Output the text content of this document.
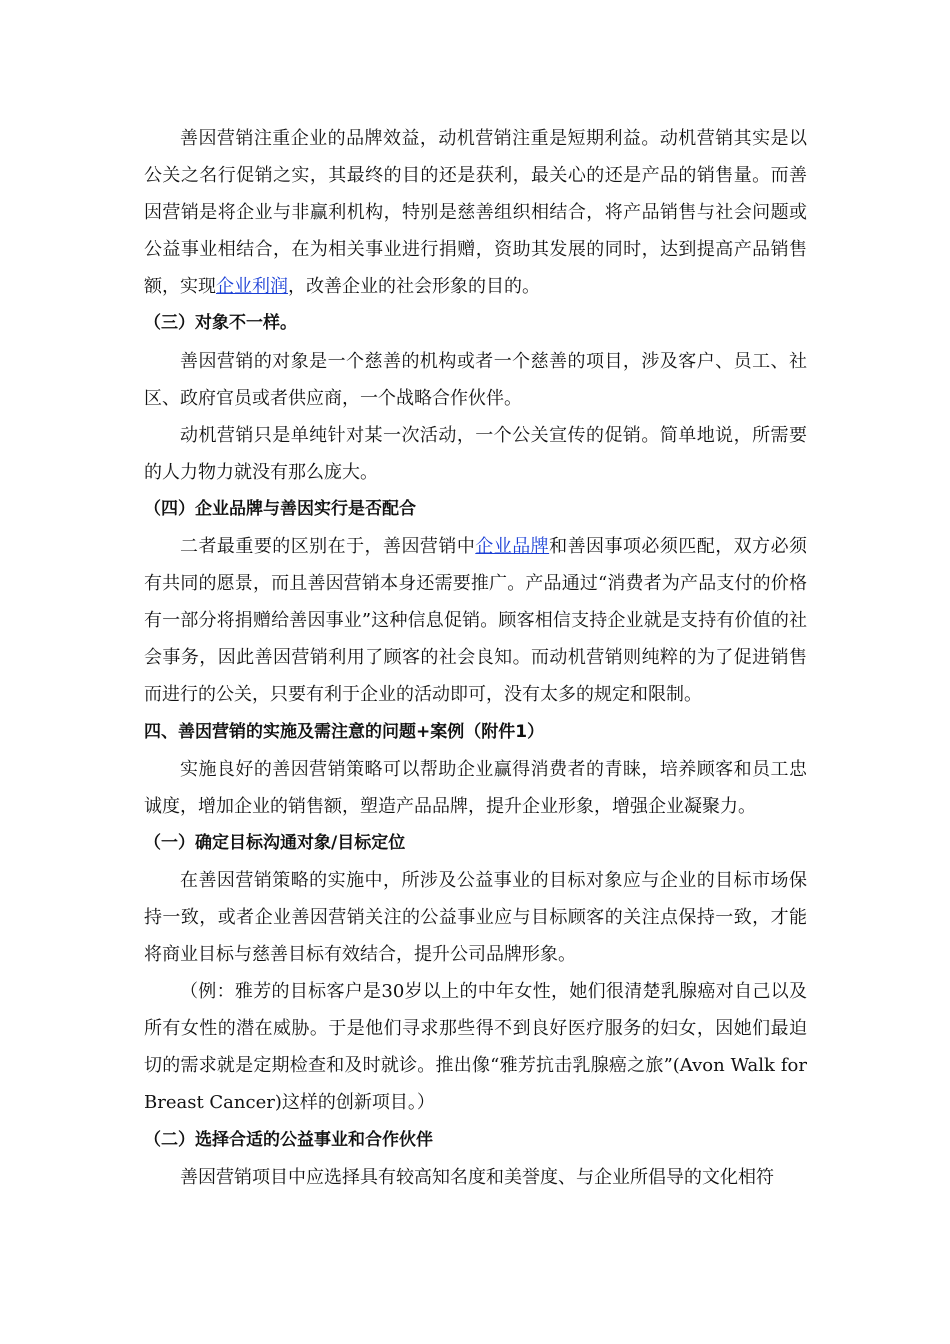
善因营销注重企业的品牌效益，动机营销注重是短期利益。动机营销其实是以公关之名行促销之实，其最终的目的还是获利，最关心的还是产品的销售量。而善因营销是将企业与非赢利机构，特别是慈善组织相结合，将产品销售与社会问题或公益事业相结合，在为相关事业进行捐赠，资助其发展的同时，达到提高产品销售额，实现企业利润，改善企业的社会形象的目的。

（三）对象不一样。

善因营销的对象是一个慈善的机构或者一个慈善的项目，涉及客户、员工、社区、政府官员或者供应商，一个战略合作伙伴。

动机营销只是单纯针对某一次活动，一个公关宣传的促销。简单地说，所需要的人力物力就没有那么庞大。

（四）企业品牌与善因实行是否配合

二者最重要的区别在于，善因营销中企业品牌和善因事项必须匹配，双方必须有共同的愿景，而且善因营销本身还需要推广。产品通过“消费者为产品支付的价格有一部分将捐赠给善因事业”这种信息促销。顾客相信支持企业就是支持有价值的社会事务，因此善因营销利用了顾客的社会良知。而动机营销则纯粹的为了促进销售而进行的公关，只要有利于企业的活动即可，没有太多的规定和限制。

四、善因营销的实施及需注意的问题+案例（附件1）

实施良好的善因营销策略可以帮助企业赢得消费者的青睐，培养顾客和员工忠诚度，增加企业的销售额，塑造产品品牌，提升企业形象，增强企业凝聚力。

（一）确定目标沟通对象/目标定位

在善因营销策略的实施中，所涉及公益事业的目标对象应与企业的目标市场保持一致，或者企业善因营销关注的公益事业应与目标顾客的关注点保持一致，才能将商业目标与慈善目标有效结合，提升公司品牌形象。

（例：雅芳的目标客户是30岁以上的中年女性，她们很清楚乳腺癌对自己以及所有女性的潜在威胁。于是他们寻求那些得不到良好医疗服务的妇女，因她们最迫切的需求就是定期检查和及时就诊。推出像“雅芳抗击乳腺癌之旅”(Avon Walk for Breast Cancer)这样的创新项目。）

（二）选择合适的公益事业和合作伙伴

善因营销项目中应选择具有较高知名度和美誉度、与企业所倡导的文化相符
